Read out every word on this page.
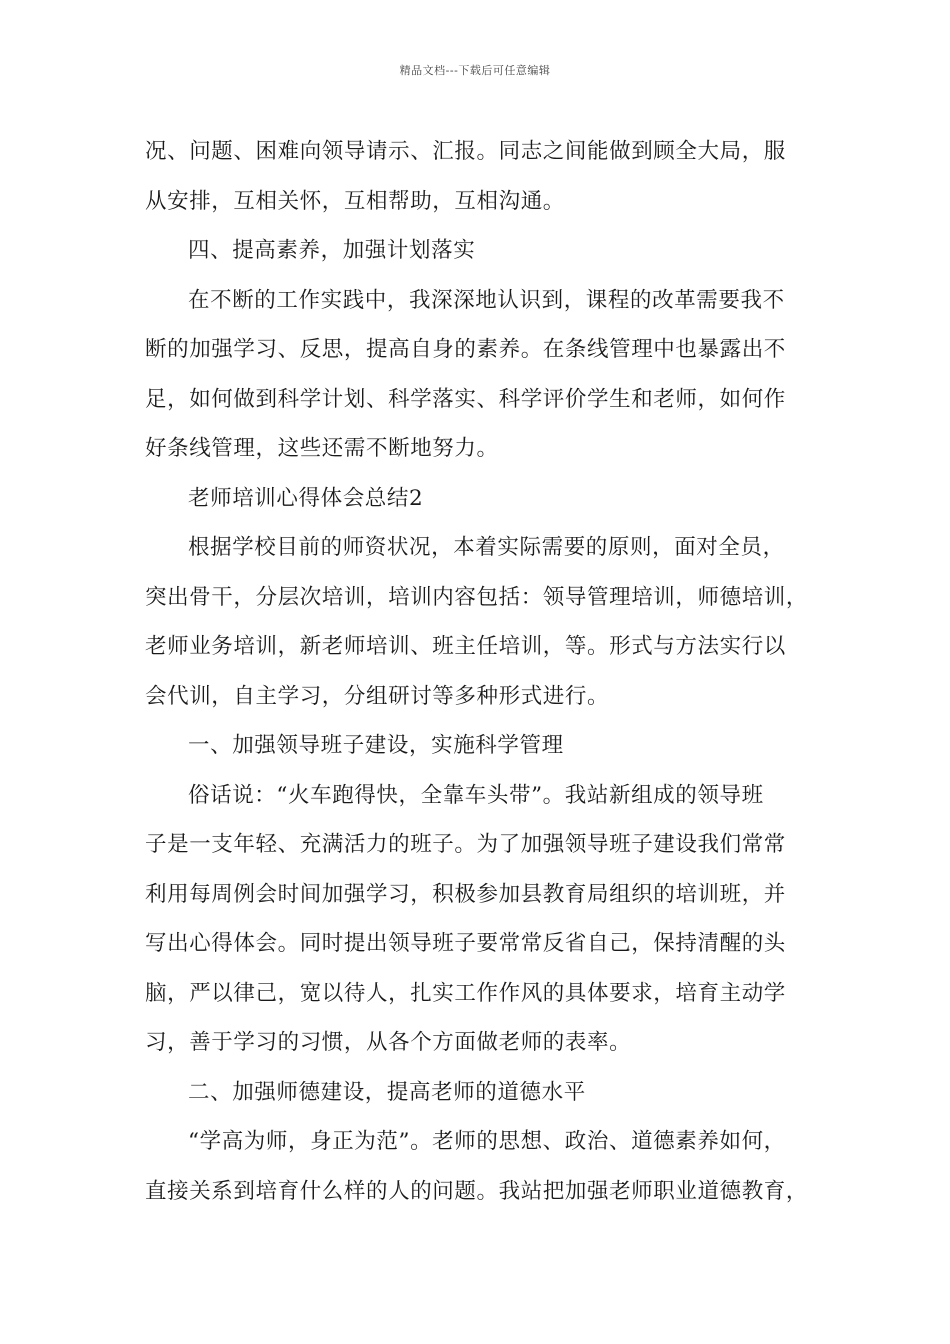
精品文档---下载后可任意编辑
况、问题、困难向领导请示、汇报。同志之间能做到顾全大局，服
从安排，互相关怀，互相帮助，互相沟通。
四、提高素养，加强计划落实
在不断的工作实践中，我深深地认识到，课程的改革需要我不
断的加强学习、反思，提高自身的素养。在条线管理中也暴露出不
足，如何做到科学计划、科学落实、科学评价学生和老师，如何作
好条线管理，这些还需不断地努力。
老师培训心得体会总结2
根据学校目前的师资状况，本着实际需要的原则，面对全员，
突出骨干，分层次培训，培训内容包括：领导管理培训，师德培训，
老师业务培训，新老师培训、班主任培训，等。形式与方法实行以
会代训，自主学习，分组研讨等多种形式进行。
一、加强领导班子建设，实施科学管理
俗话说：“火车跑得快，全靠车头带”。我站新组成的领导班
子是一支年轻、充满活力的班子。为了加强领导班子建设我们常常
利用每周例会时间加强学习，积极参加县教育局组织的培训班，并
写出心得体会。同时提出领导班子要常常反省自己，保持清醒的头
脑，严以律己，宽以待人，扎实工作作风的具体要求，培育主动学
习，善于学习的习惯，从各个方面做老师的表率。
二、加强师德建设，提高老师的道德水平
“学高为师，身正为范”。老师的思想、政治、道德素养如何，
直接关系到培育什么样的人的问题。我站把加强老师职业道德教育，
